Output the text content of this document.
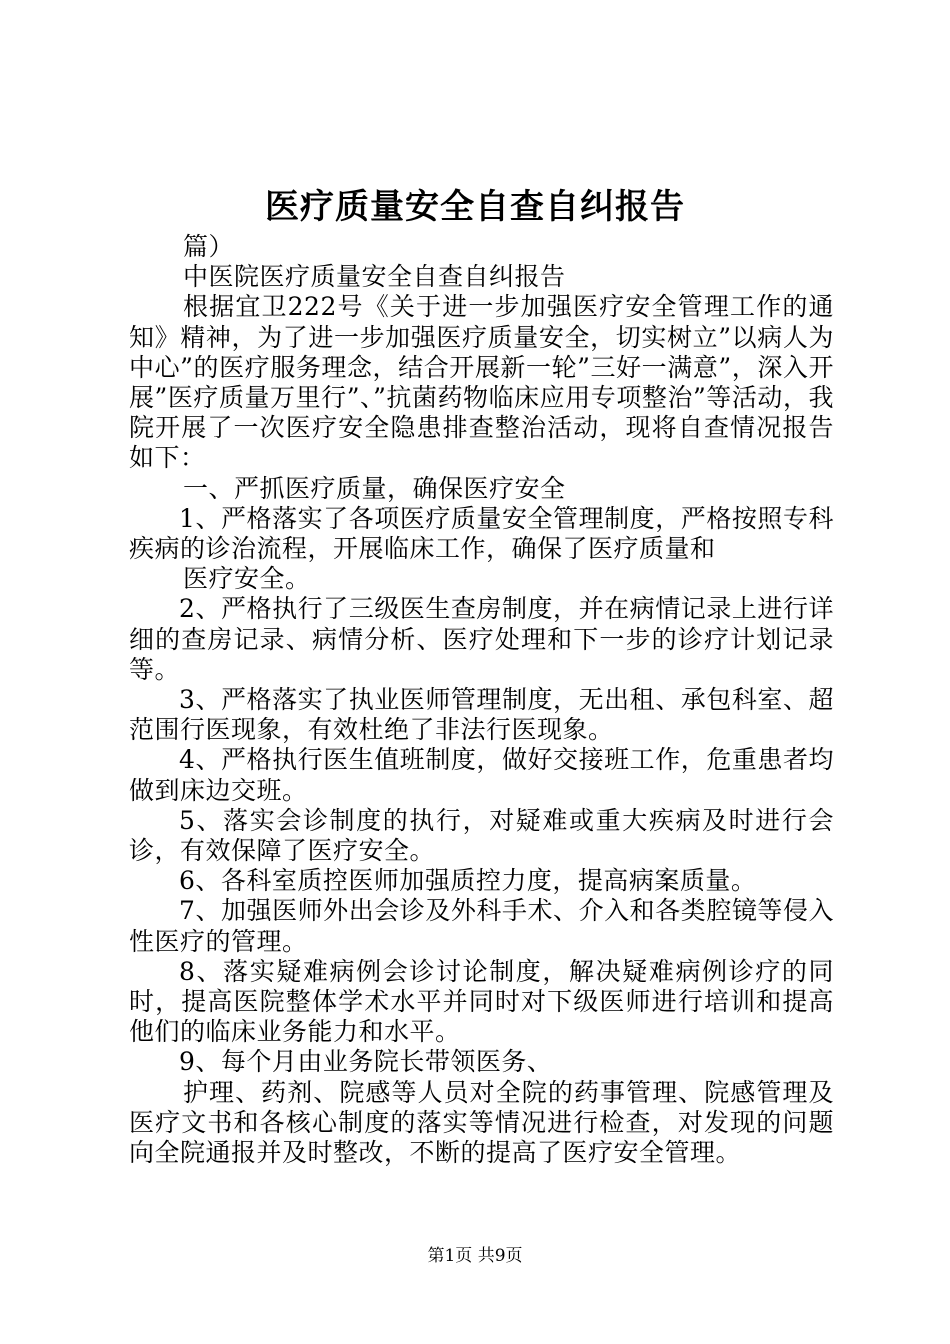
医疗质量安全自查自纠报告

篇）

中医院医疗质量安全自查自纠报告

根据宜卫222号《关于进一步加强医疗安全管理工作的通知》精神，为了进一步加强医疗质量安全，切实树立”以病人为中心”的医疗服务理念，结合开展新一轮”三好一满意”，深入开展”医疗质量万里行”、”抗菌药物临床应用专项整治”等活动，我院开展了一次医疗安全隐患排查整治活动，现将自查情况报告如下：

一、严抓医疗质量，确保医疗安全

1、严格落实了各项医疗质量安全管理制度，严格按照专科疾病的诊治流程，开展临床工作，确保了医疗质量和

医疗安全。

2、严格执行了三级医生查房制度，并在病情记录上进行详细的查房记录、病情分析、医疗处理和下一步的诊疗计划记录等。

3、严格落实了执业医师管理制度，无出租、承包科室、超范围行医现象，有效杜绝了非法行医现象。

4、严格执行医生值班制度，做好交接班工作，危重患者均做到床边交班。

5、落实会诊制度的执行，对疑难或重大疾病及时进行会诊，有效保障了医疗安全。

6、各科室质控医师加强质控力度，提高病案质量。

7、加强医师外出会诊及外科手术、介入和各类腔镜等侵入性医疗的管理。

8、落实疑难病例会诊讨论制度，解决疑难病例诊疗的同时，提高医院整体学术水平并同时对下级医师进行培训和提高他们的临床业务能力和水平。

9、每个月由业务院长带领医务、

护理、药剂、院感等人员对全院的药事管理、院感管理及医疗文书和各核心制度的落实等情况进行检查，对发现的问题向全院通报并及时整改，不断的提高了医疗安全管理。

第1页 共9页
